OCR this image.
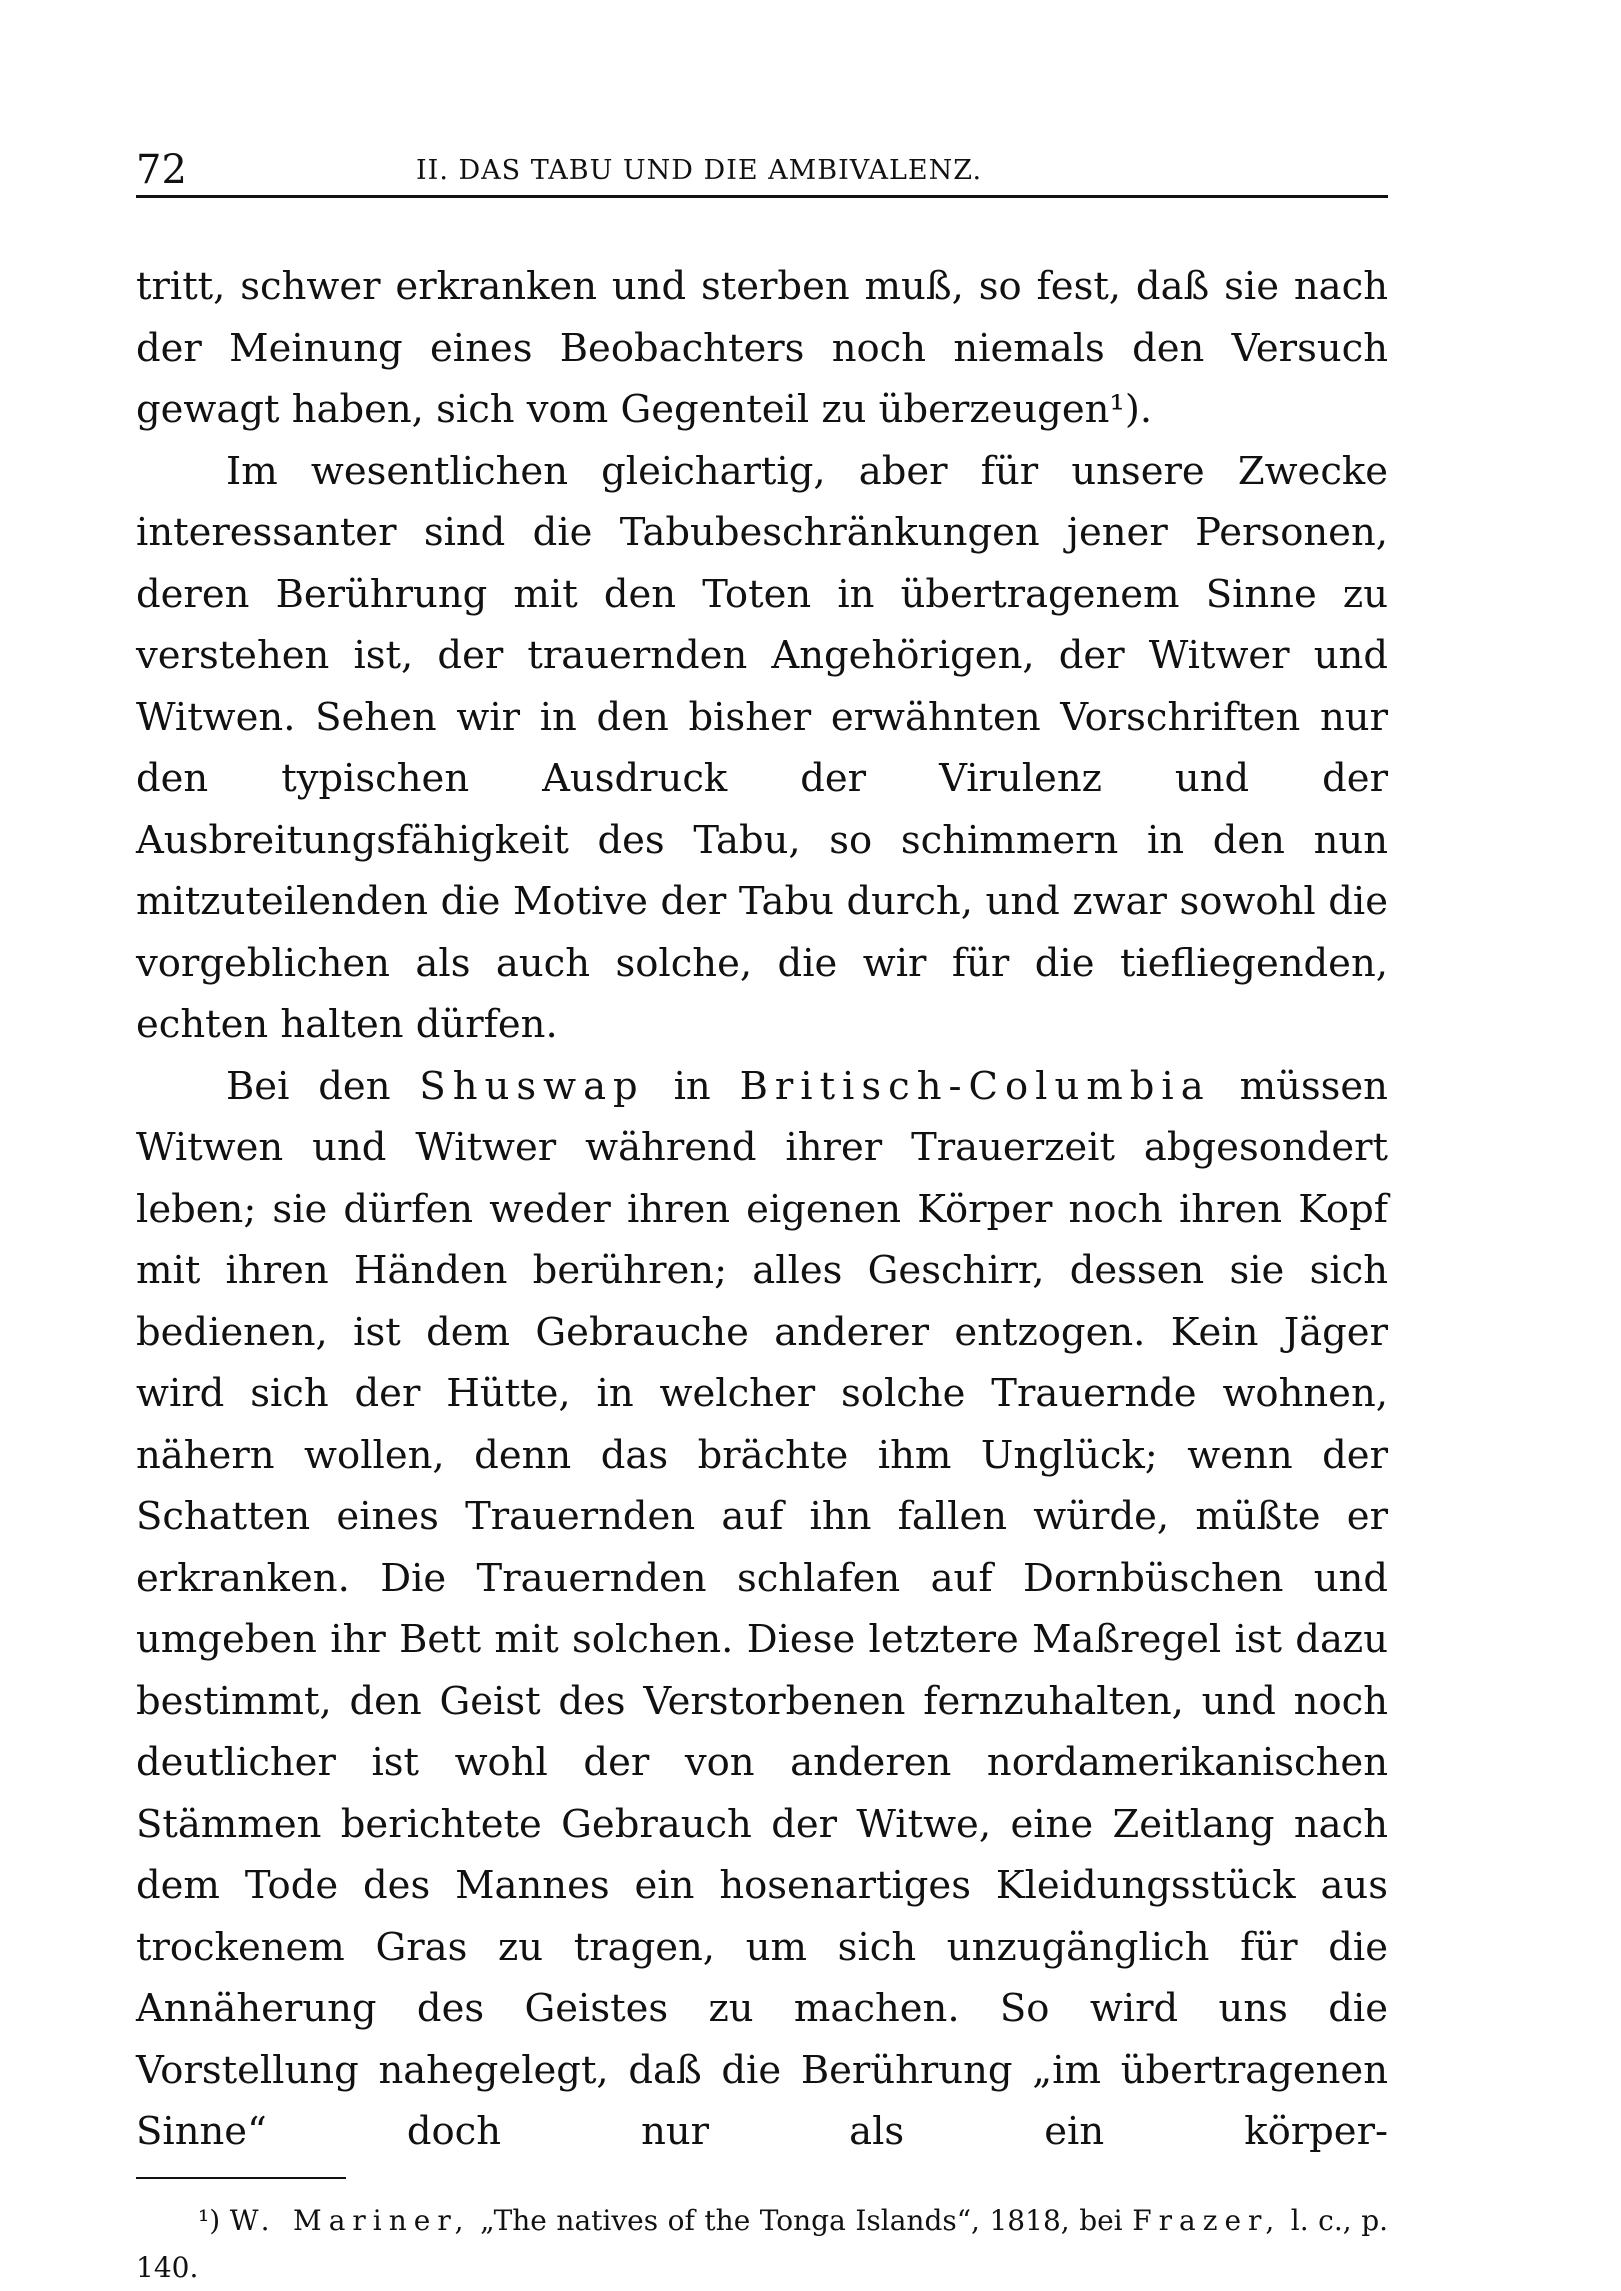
72	II. DAS TABU UND DIE AMBIVALENZ.

tritt, schwer erkranken und sterben muß, so fest, daß sie nach der Meinung eines Beobachters noch niemals den Versuch gewagt haben, sich vom Gegenteil zu überzeugen¹).

Im wesentlichen gleichartig, aber für unsere Zwecke interessanter sind die Tabubeschränkungen jener Personen, deren Berührung mit den Toten in übertragenem Sinne zu verstehen ist, der trauernden Angehörigen, der Witwer und Witwen. Sehen wir in den bisher erwähnten Vorschriften nur den typischen Ausdruck der Virulenz und der Ausbreitungsfähigkeit des Tabu, so schimmern in den nun mitzuteilenden die Motive der Tabu durch, und zwar sowohl die vorgeblichen als auch solche, die wir für die tiefliegenden, echten halten dürfen.

Bei den Shuswap in Britisch-Columbia müssen Witwen und Witwer während ihrer Trauerzeit abgesondert leben; sie dürfen weder ihren eigenen Körper noch ihren Kopf mit ihren Händen berühren; alles Geschirr, dessen sie sich bedienen, ist dem Gebrauche anderer entzogen. Kein Jäger wird sich der Hütte, in welcher solche Trauernde wohnen, nähern wollen, denn das brächte ihm Unglück; wenn der Schatten eines Trauernden auf ihn fallen würde, müßte er erkranken. Die Trauernden schlafen auf Dornbüschen und umgeben ihr Bett mit solchen. Diese letztere Maßregel ist dazu bestimmt, den Geist des Verstorbenen fernzuhalten, und noch deutlicher ist wohl der von anderen nordamerikanischen Stämmen berichtete Gebrauch der Witwe, eine Zeitlang nach dem Tode des Mannes ein hosenartiges Kleidungsstück aus trockenem Gras zu tragen, um sich unzugänglich für die Annäherung des Geistes zu machen. So wird uns die Vorstellung nahegelegt, daß die Berührung „im übertragenen Sinne“ doch nur als ein körper-

¹) W. Mariner, „The natives of the Tonga Islands“, 1818, bei Frazer, l. c., p. 140.
